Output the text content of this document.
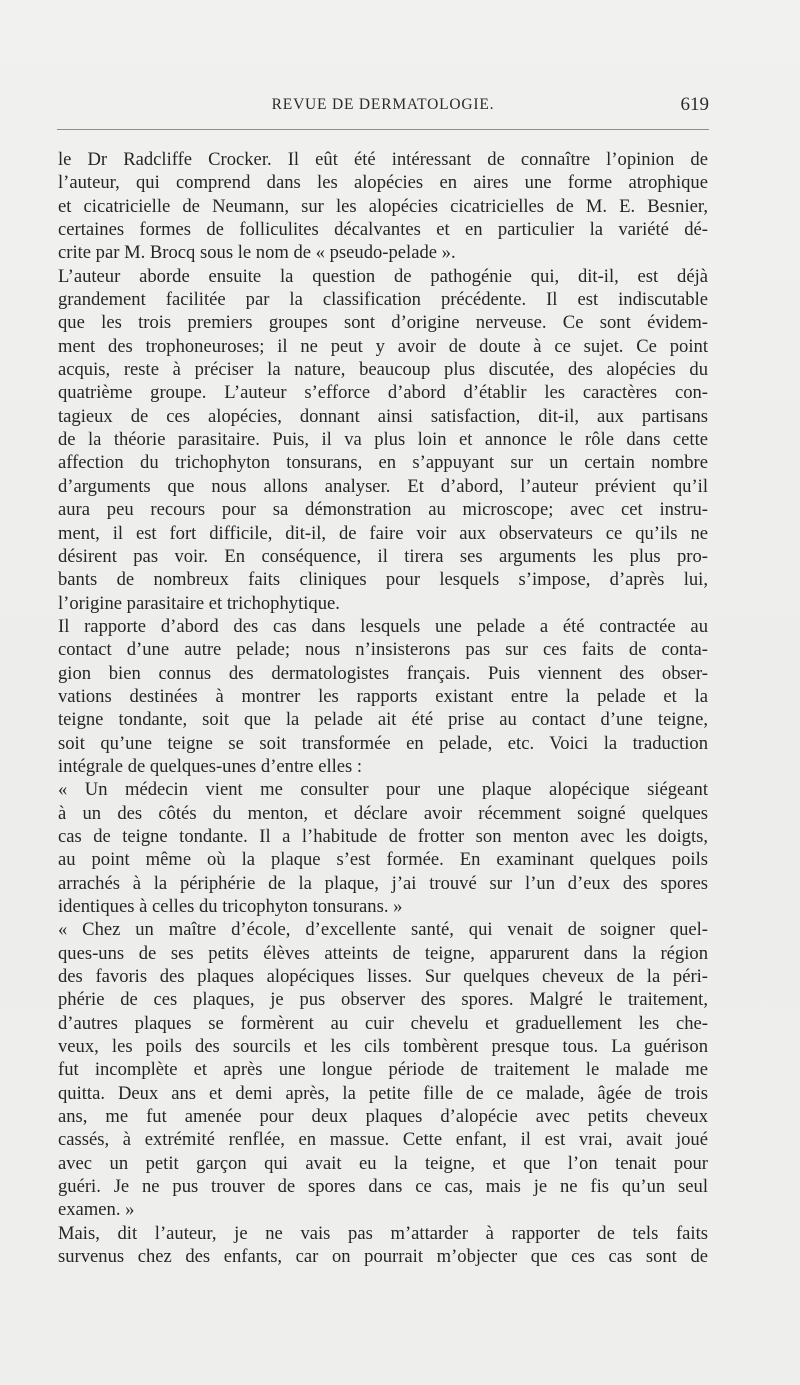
REVUE DE DERMATOLOGIE.	619

le Dr Radcliffe Crocker. Il eût été intéressant de connaître l’opinion de

l’auteur, qui comprend dans les alopécies en aires une forme atrophique

et cicatricielle de Neumann, sur les alopécies cicatricielles de M. E. Besnier,

certaines formes de folliculites décalvantes et en particulier la variété dé-

crite par M. Brocq sous le nom de « pseudo-pelade ».

L’auteur aborde ensuite la question de pathogénie qui, dit-il, est déjà

grandement facilitée par la classification précédente. Il est indiscutable

que les trois premiers groupes sont d’origine nerveuse. Ce sont évidem-

ment des trophoneuroses; il ne peut y avoir de doute à ce sujet. Ce point

acquis, reste à préciser la nature, beaucoup plus discutée, des alopécies du

quatrième groupe. L’auteur s’efforce d’abord d’établir les caractères con-

tagieux de ces alopécies, donnant ainsi satisfaction, dit-il, aux partisans

de la théorie parasitaire. Puis, il va plus loin et annonce le rôle dans cette

affection du trichophyton tonsurans, en s’appuyant sur un certain nombre

d’arguments que nous allons analyser. Et d’abord, l’auteur prévient qu’il

aura peu recours pour sa démonstration au microscope; avec cet instru-

ment, il est fort difficile, dit-il, de faire voir aux observateurs ce qu’ils ne

désirent pas voir. En conséquence, il tirera ses arguments les plus pro-

bants de nombreux faits cliniques pour lesquels s’impose, d’après lui,

l’origine parasitaire et trichophytique.

Il rapporte d’abord des cas dans lesquels une pelade a été contractée au

contact d’une autre pelade; nous n’insisterons pas sur ces faits de conta-

gion bien connus des dermatologistes français. Puis viennent des obser-

vations destinées à montrer les rapports existant entre la pelade et la

teigne tondante, soit que la pelade ait été prise au contact d’une teigne,

soit qu’une teigne se soit transformée en pelade, etc. Voici la traduction

intégrale de quelques-unes d’entre elles :

« Un médecin vient me consulter pour une plaque alopécique siégeant

à un des côtés du menton, et déclare avoir récemment soigné quelques

cas de teigne tondante. Il a l’habitude de frotter son menton avec les doigts,

au point même où la plaque s’est formée. En examinant quelques poils

arrachés à la périphérie de la plaque, j’ai trouvé sur l’un d’eux des spores

identiques à celles du tricophyton tonsurans. »

« Chez un maître d’école, d’excellente santé, qui venait de soigner quel-

ques-uns de ses petits élèves atteints de teigne, apparurent dans la région

des favoris des plaques alopéciques lisses. Sur quelques cheveux de la péri-

phérie de ces plaques, je pus observer des spores. Malgré le traitement,

d’autres plaques se formèrent au cuir chevelu et graduellement les che-

veux, les poils des sourcils et les cils tombèrent presque tous. La guérison

fut incomplète et après une longue période de traitement le malade me

quitta. Deux ans et demi après, la petite fille de ce malade, âgée de trois

ans, me fut amenée pour deux plaques d’alopécie avec petits cheveux

cassés, à extrémité renflée, en massue. Cette enfant, il est vrai, avait joué

avec un petit garçon qui avait eu la teigne, et que l’on tenait pour

guéri. Je ne pus trouver de spores dans ce cas, mais je ne fis qu’un seul

examen. »

Mais, dit l’auteur, je ne vais pas m’attarder à rapporter de tels faits

survenus chez des enfants, car on pourrait m’objecter que ces cas sont de
